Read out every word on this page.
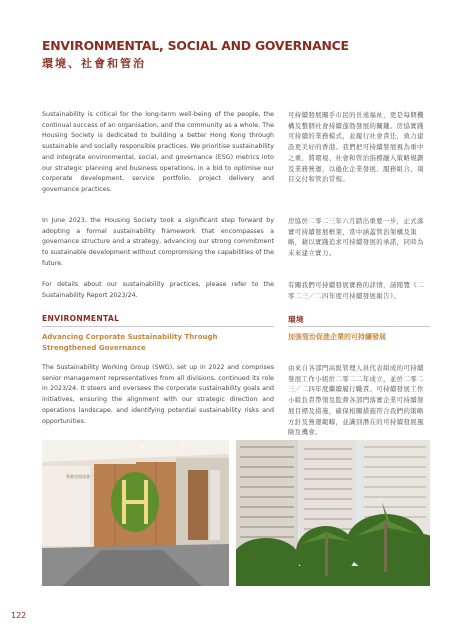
ENVIRONMENTAL, SOCIAL AND GOVERNANCE
環境、社會和管治

Sustainability is critical for the long-term well-being of the people, the continual success of an organisation, and the community as a whole. The Housing Society is dedicated to building a better Hong Kong through sustainable and socially responsible practices. We prioritise sustainability and integrate environmental, social, and governance (ESG) metrics into our strategic planning and business operations, in a bid to optimise our corporate development, service portfolio, project delivery and governance practices.

In June 2023, the Housing Society took a significant step forward by adopting a formal sustainability framework that encompasses a governance structure and a strategy, advancing our strong commitment to sustainable development without compromising the capabilities of the future.

For details about our sustainability practices, please refer to the Sustainability Report 2023/24.

可持續發展關乎市民的長遠福祉，更是每個機構及整個社會持續蓬勃發展的關鍵。房協實踐可持續的業務模式，並履行社會責任，致力建設更美好的香港。我們把可持續發展視為重中之重，將環境、社會和管治指標融入策略規劃及業務營運，以優化企業發展、服務組合、項目交付和管治常規。

房協於二零二三年六月踏出重要一步，正式落實可持續發展框架，當中涵蓋管治架構及策略，藉以實踐追求可持續發展的承諾，同時為未來建立實力。

有關我們可持續發展實務的詳情，請閱覽《二零二三／二四年度可持續發展報告》。

ENVIRONMENTAL	環境
Advancing Corporate Sustainability Through Strengthened Governance
加強管治促進企業的可持續發展

The Sustainability Working Group (SWG), set up in 2022 and comprises senior management representatives from all divisions, continued its role in 2023/24. It steers and oversees the corporate sustainability goals and initiatives, ensuring the alignment with our strategic direction and operations landscape, and identifying potential sustainability risks and opportunities.

由來自各部門高級管理人員代表組成的可持續發展工作小組於二零二二年成立，並於二零二三／二四年度繼續履行職責。可持續發展工作小組負責帶領及監督各部門落實企業可持續發展目標及措施，確保相關措施符合我們的策略方針及營運範疇，並識別潛在的可持續發展風險及機會。

香港房屋協會

122
